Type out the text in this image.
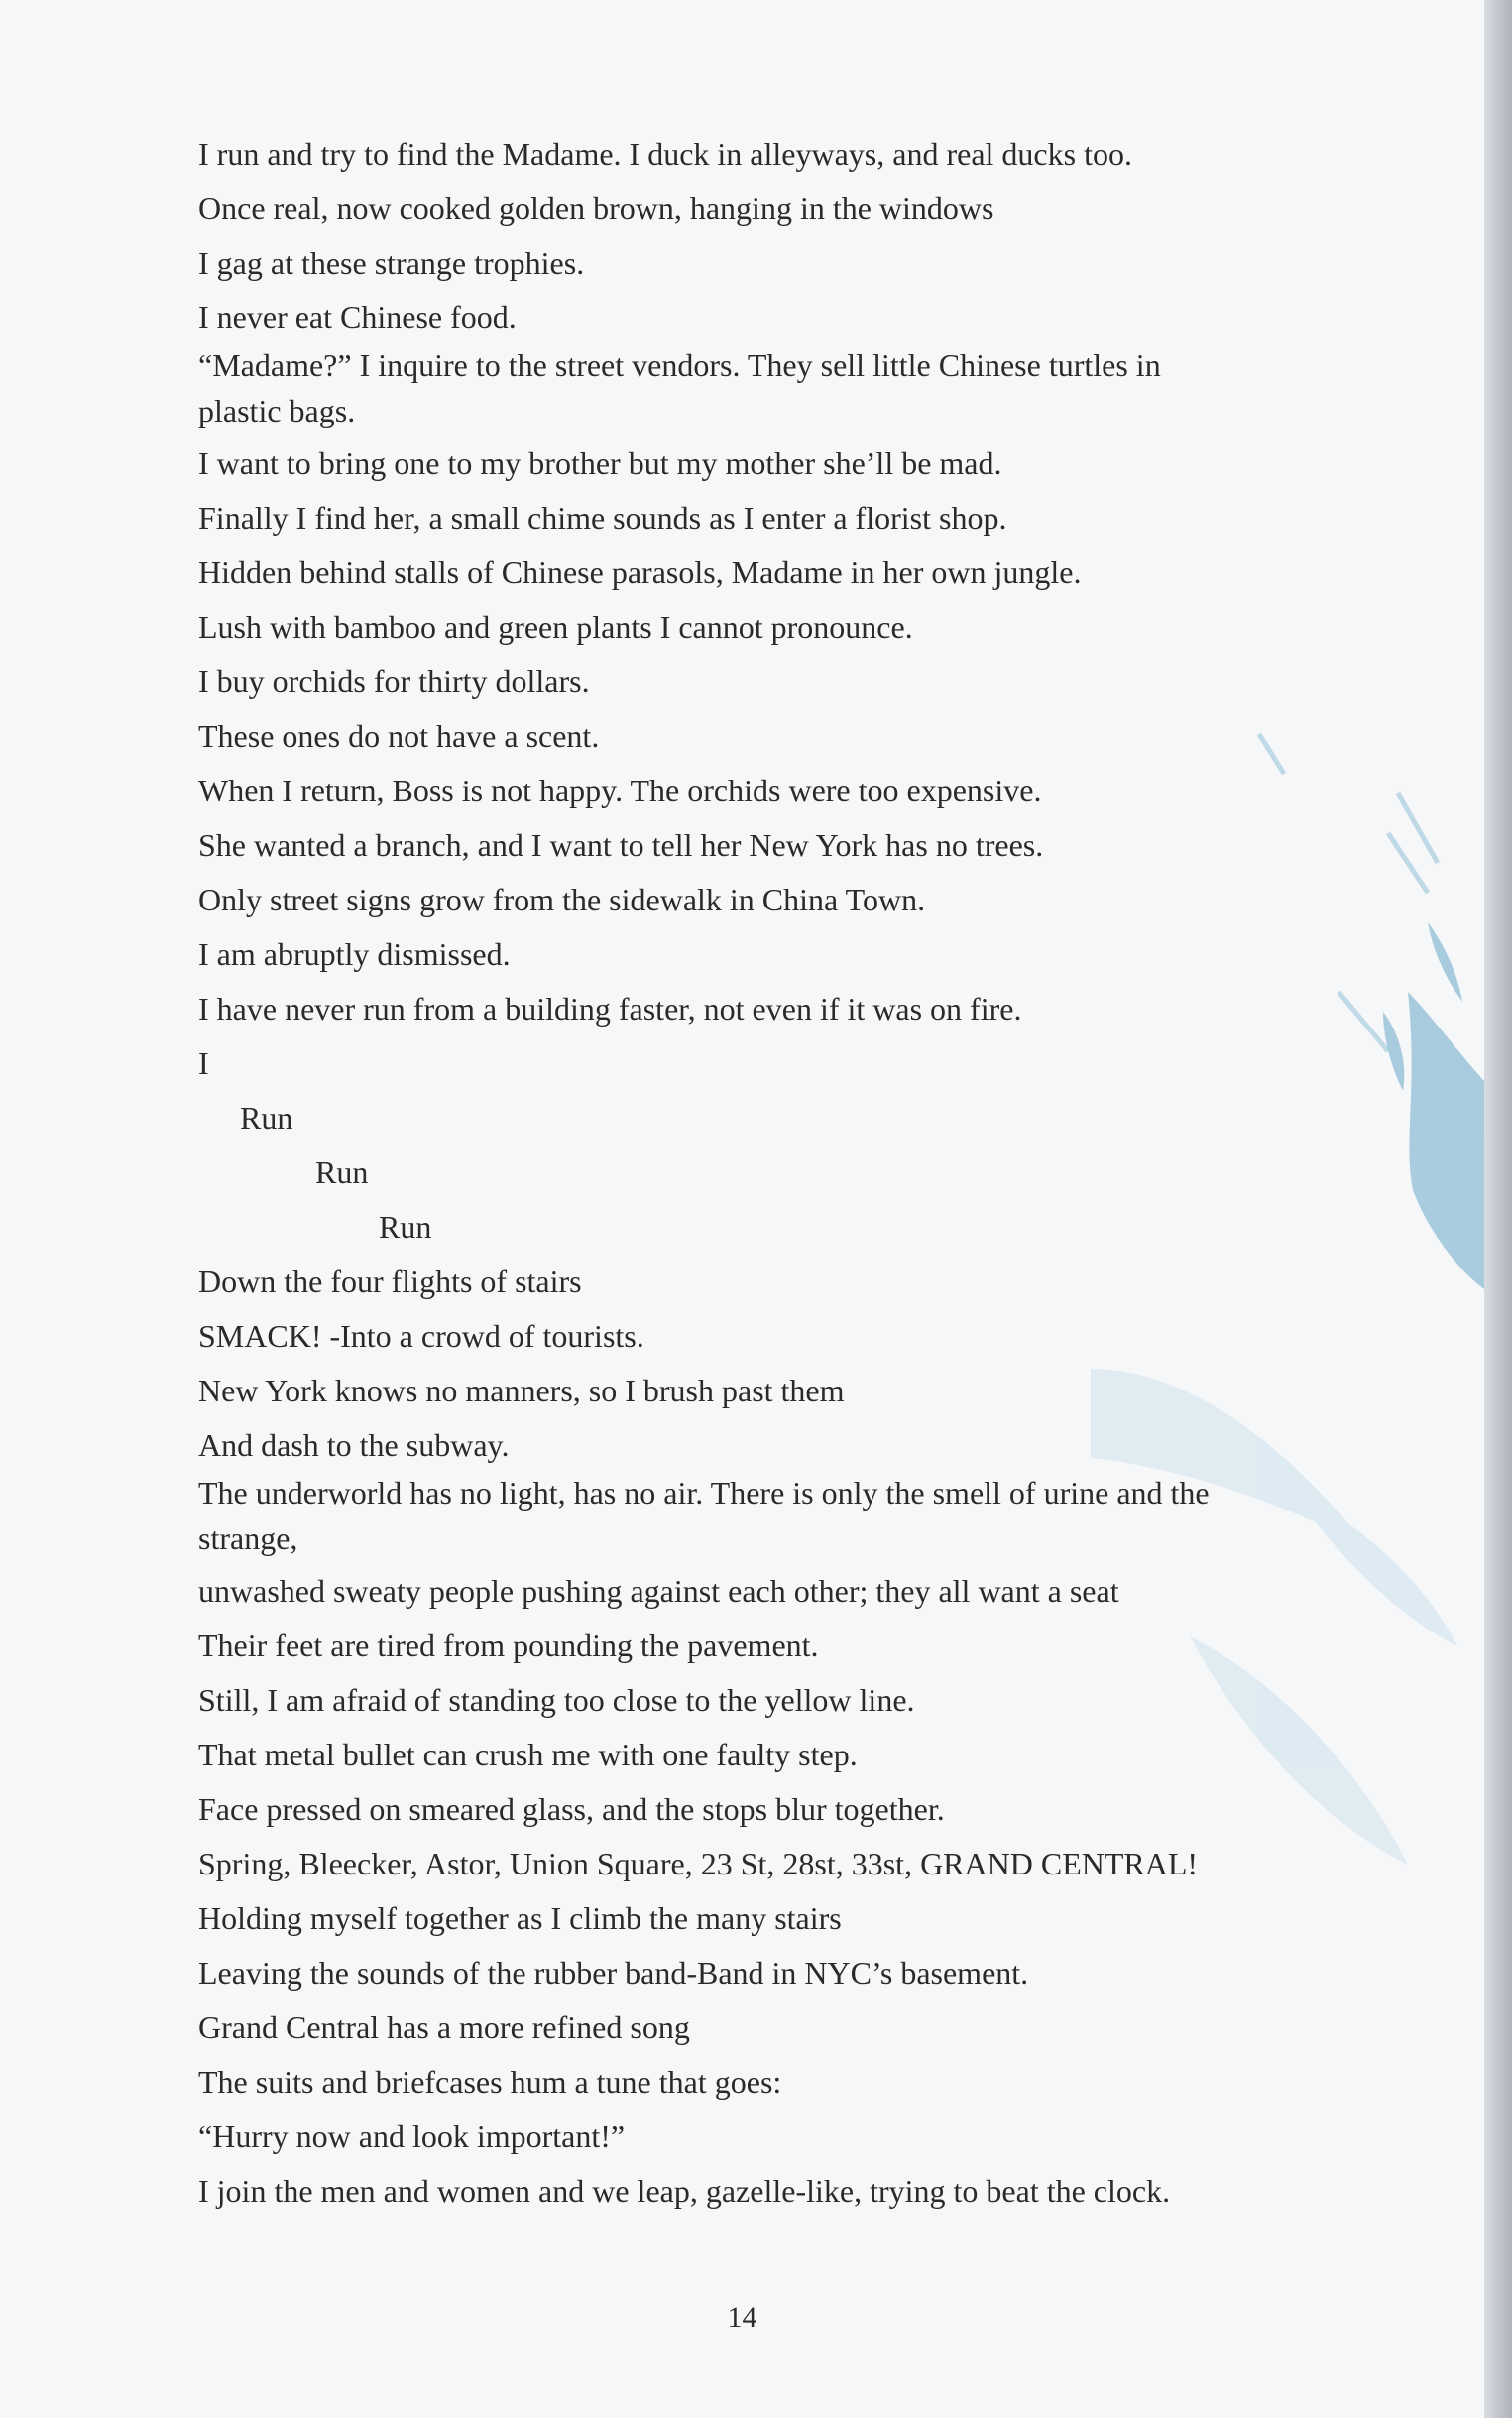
I run and try to find the Madame. I duck in alleyways, and real ducks too.
Once real, now cooked golden brown, hanging in the windows
I gag at these strange trophies.
I never eat Chinese food.
“Madame?” I inquire to the street vendors. They sell little Chinese turtles in
plastic bags.
I want to bring one to my brother but my mother she’ll be mad.
Finally I find her, a small chime sounds as I enter a florist shop.
Hidden behind stalls of Chinese parasols, Madame in her own jungle.
Lush with bamboo and green plants I cannot pronounce.
I buy orchids for thirty dollars.
These ones do not have a scent.
When I return, Boss is not happy. The orchids were too expensive.
She wanted a branch, and I want to tell her New York has no trees.
Only street signs grow from the sidewalk in China Town.
I am abruptly dismissed.
I have never run from a building faster, not even if it was on fire.
I
Run
Run
Run
Down the four flights of stairs
SMACK! -Into a crowd of tourists.
New York knows no manners, so I brush past them
And dash to the subway.
The underworld has no light, has no air. There is only the smell of urine and the
strange,
unwashed sweaty people pushing against each other; they all want a seat
Their feet are tired from pounding the pavement.
Still, I am afraid of standing too close to the yellow line.
That metal bullet can crush me with one faulty step.
Face pressed on smeared glass, and the stops blur together.
Spring, Bleecker, Astor, Union Square, 23 St, 28st, 33st, GRAND CENTRAL!
Holding myself together as I climb the many stairs
Leaving the sounds of the rubber band-Band in NYC’s basement.
Grand Central has a more refined song
The suits and briefcases hum a tune that goes:
“Hurry now and look important!”
I join the men and women and we leap, gazelle-like, trying to beat the clock.
14
